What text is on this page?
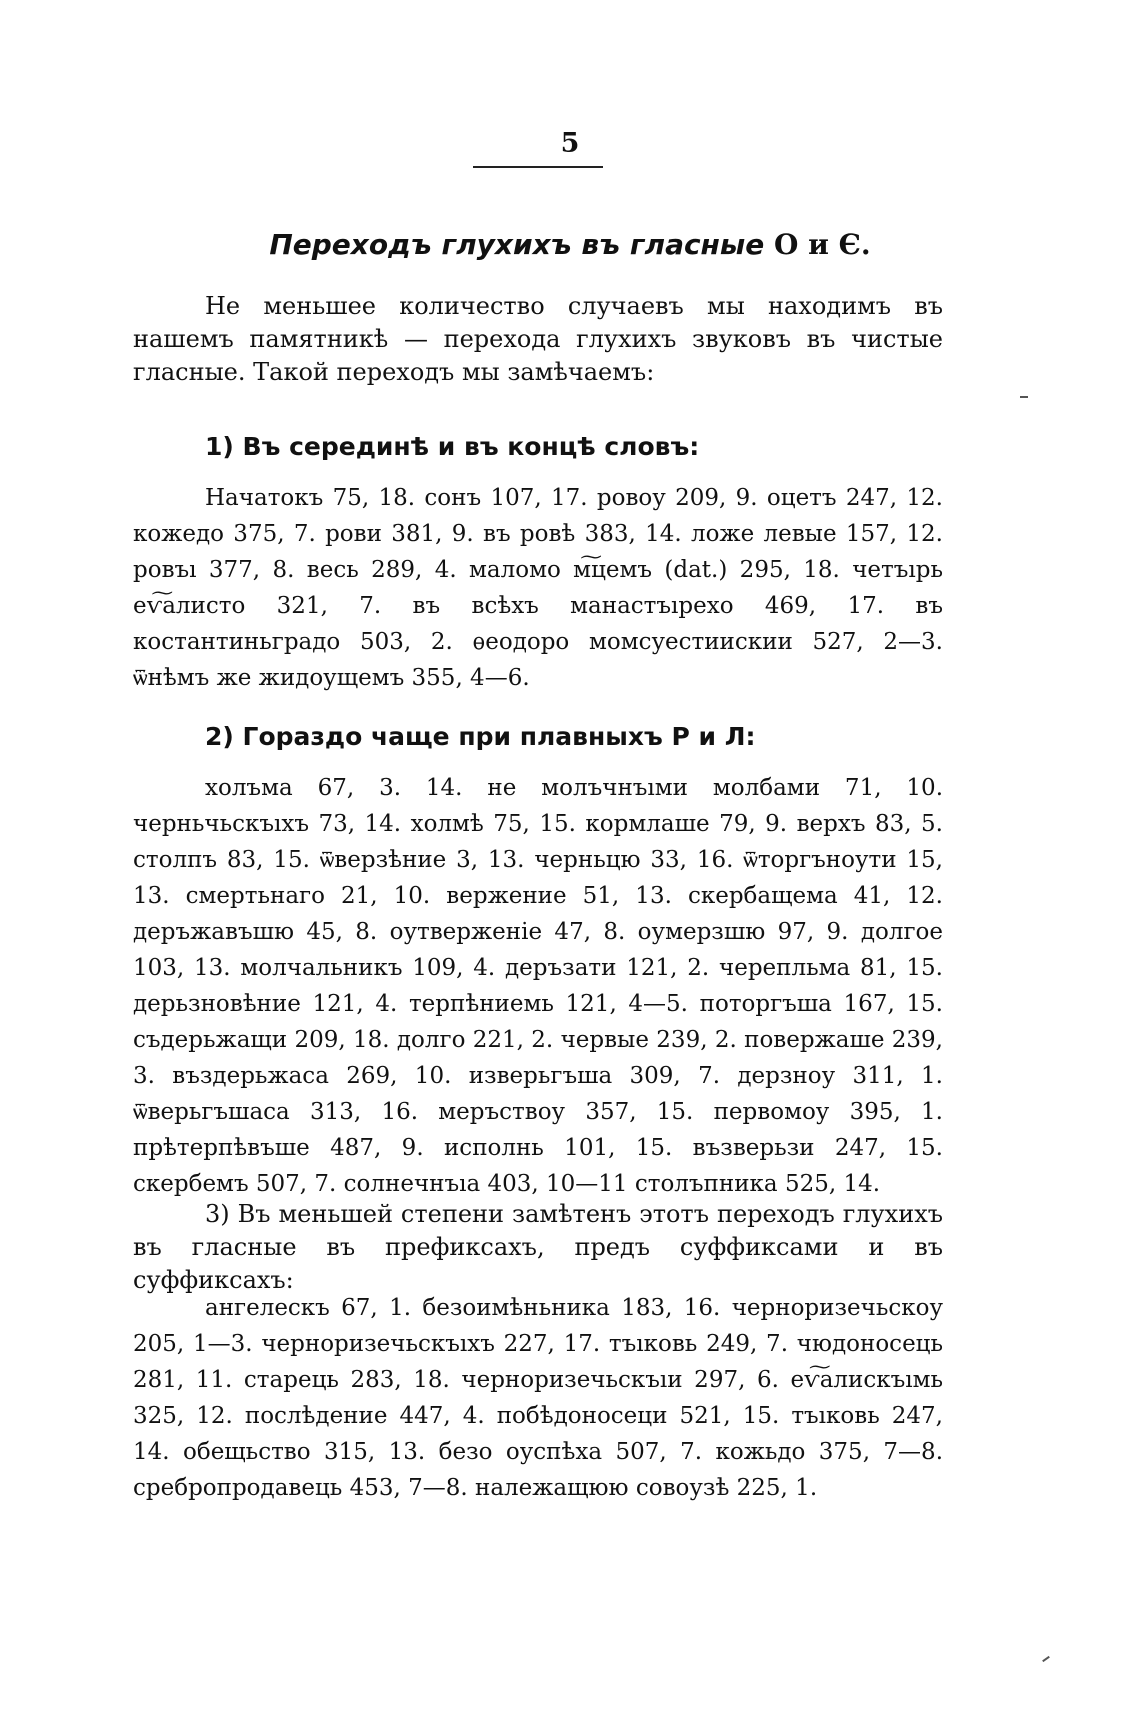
5
Переходъ глухихъ въ гласные О и Є.

Не меньшее количество случаевъ мы находимъ въ нашемъ памятникѣ — перехода глухихъ звуковъ въ чистые гласные. Такой переходъ мы замѣчаемъ:

1) Въ серединѣ и въ концѣ словъ:

Начатокъ 75, 18. сонъ 107, 17. ровоу 209, 9. оцетъ 247, 12. кожедо 375, 7. рови 381, 9. въ ровѣ 383, 14. ложе левые 157, 12. ровъı 377, 8. весь 289, 4. маломо м͠цемъ (dat.) 295, 18. четъıрь еѵ͠алисто 321, 7. въ всѣхъ манастъıрехо 469, 17. въ костантиньградо 503, 2. ѳеодоро момсуестиискии 527, 2—3. ѿнѣмъ же жидоущемъ 355, 4—6.

2) Гораздо чаще при плавныхъ Р и Л:

холъма 67, 3. 14. не молъчнъıми молбами 71, 10. черньчьскъıхъ 73, 14. холмѣ 75, 15. кормлаше 79, 9. верхъ 83, 5. столпъ 83, 15. ѿверзѣние 3, 13. черньцю 33, 16. ѿторгъноути 15, 13. смертьнаго 21, 10. вержение 51, 13. скербащема 41, 12. деръжавъшю 45, 8. оутверженіе 47, 8. оумерзшю 97, 9. долгое 103, 13. молчальникъ 109, 4. деръзати 121, 2. черепльма 81, 15. дерьзновѣние 121, 4. терпѣниемь 121, 4—5. поторгъша 167, 15. съдерьжащи 209, 18. долго 221, 2. червые 239, 2. повержаше 239, 3. въздерьжаса 269, 10. изверьгъша 309, 7. дерзноу 311, 1. ѿверьгъшаса 313, 16. меръствоу 357, 15. первомоу 395, 1. прѣтерпѣвъше 487, 9. исполнь 101, 15. възверьзи 247, 15. скербемъ 507, 7. солнечнъıа 403, 10—11 столъпника 525, 14.

3) Въ меньшей степени замѣтенъ этотъ переходъ глухихъ въ гласные въ префиксахъ, предъ суффиксами и въ суффиксахъ:

ангелескъ 67, 1. безоимѣньника 183, 16. черноризечьскоу 205, 1—3. черноризечьскъıхъ 227, 17. тъıковь 249, 7. чюдоносець 281, 11. старець 283, 18. черноризечьскъıи 297, 6. еѵ͠алискъıмь 325, 12. послѣдение 447, 4. побѣдоносеци 521, 15. тъıковь 247, 14. обещьство 315, 13. безо оуспѣха 507, 7. кожьдо 375, 7—8. сребропродавець 453, 7—8. належащюю совоузѣ 225, 1.
